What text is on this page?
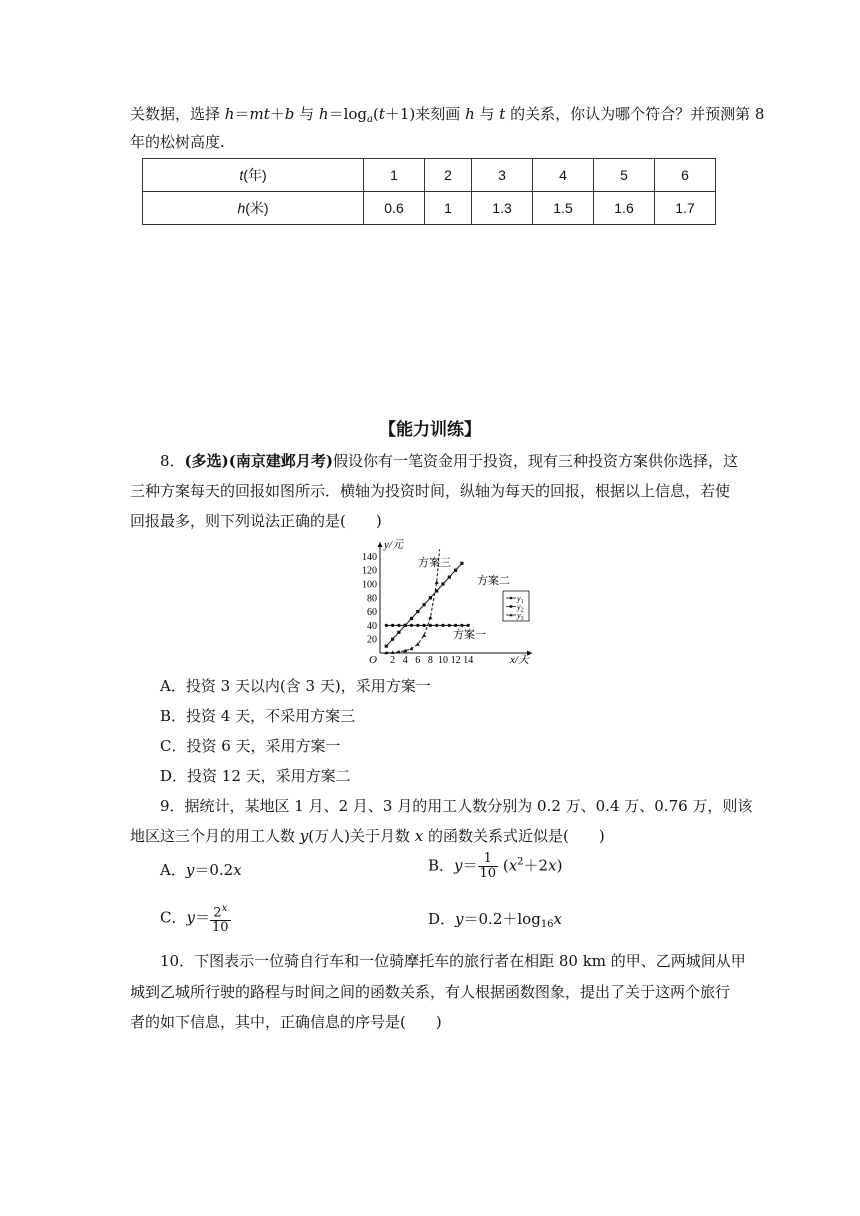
关数据，选择 h＝mt＋b 与 $h=\log_a(t+1)$来刻画 h 与 t 的关系，你认为哪个符合？并预测第 8
年的松树高度.
t(年)	1	2	3	4	5	6
h(米)	0.6	1	1.3	1.5	1.6	1.7
【能力训练】
8．(多选)(南京建邺月考)假设你有一笔资金用于投资，现有三种投资方案供你选择，这
三种方案每天的回报如图所示．横轴为投资时间，纵轴为每天的回报，根据以上信息，若使
回报最多，则下列说法正确的是(　　)
y/元
x/天
O
20
40
60
80
100
120
140
2 4 6 8 10 12 14
方案三
方案二
方案一
$y_1$
$y_2$
$y_3$
A．投资 3 天以内(含 3 天)，采用方案一
B．投资 4 天，不采用方案三
C．投资 6 天，采用方案一
D．投资 12 天，采用方案二
9．据统计，某地区 1 月、2 月、3 月的用工人数分别为 0.2 万、0.4 万、0.76 万，则该
地区这三个月的用工人数 y(万人)关于月数 x 的函数关系式近似是(　　)
A．y＝0.2x	B．$y= \frac{1}{10} (x^2+2x)$
C．$y= \frac{2^x}{10}$	D．$y=0.2+\log_{16}x$
10．下图表示一位骑自行车和一位骑摩托车的旅行者在相距 80 km 的甲、乙两城间从甲
城到乙城所行驶的路程与时间之间的函数关系，有人根据函数图象，提出了关于这两个旅行
者的如下信息，其中，正确信息的序号是(　　)
